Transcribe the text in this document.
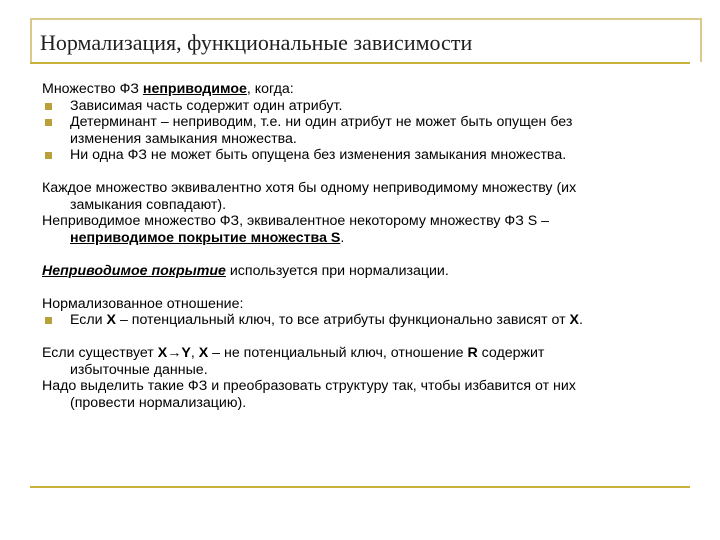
Нормализация, функциональные зависимости
Множество ФЗ неприводимое, когда:
Зависимая часть содержит один атрибут.
Детерминант – неприводим, т.е. ни один атрибут не может быть опущен без
изменения замыкания множества.
Ни одна ФЗ не может быть опущена без изменения замыкания множества.
Каждое множество эквивалентно хотя бы одному неприводимому множеству (их
замыкания совпадают).
Неприводимое множество ФЗ, эквивалентное некоторому множеству ФЗ S –
неприводимое покрытие множества S.
Неприводимое покрытие используется при нормализации.
Нормализованное отношение:
Если X – потенциальный ключ, то все атрибуты функционально зависят от X.
Если существует X→Y, X – не потенциальный ключ, отношение R содержит
избыточные данные.
Надо выделить такие ФЗ и преобразовать структуру так, чтобы избавится от них
(провести нормализацию).
